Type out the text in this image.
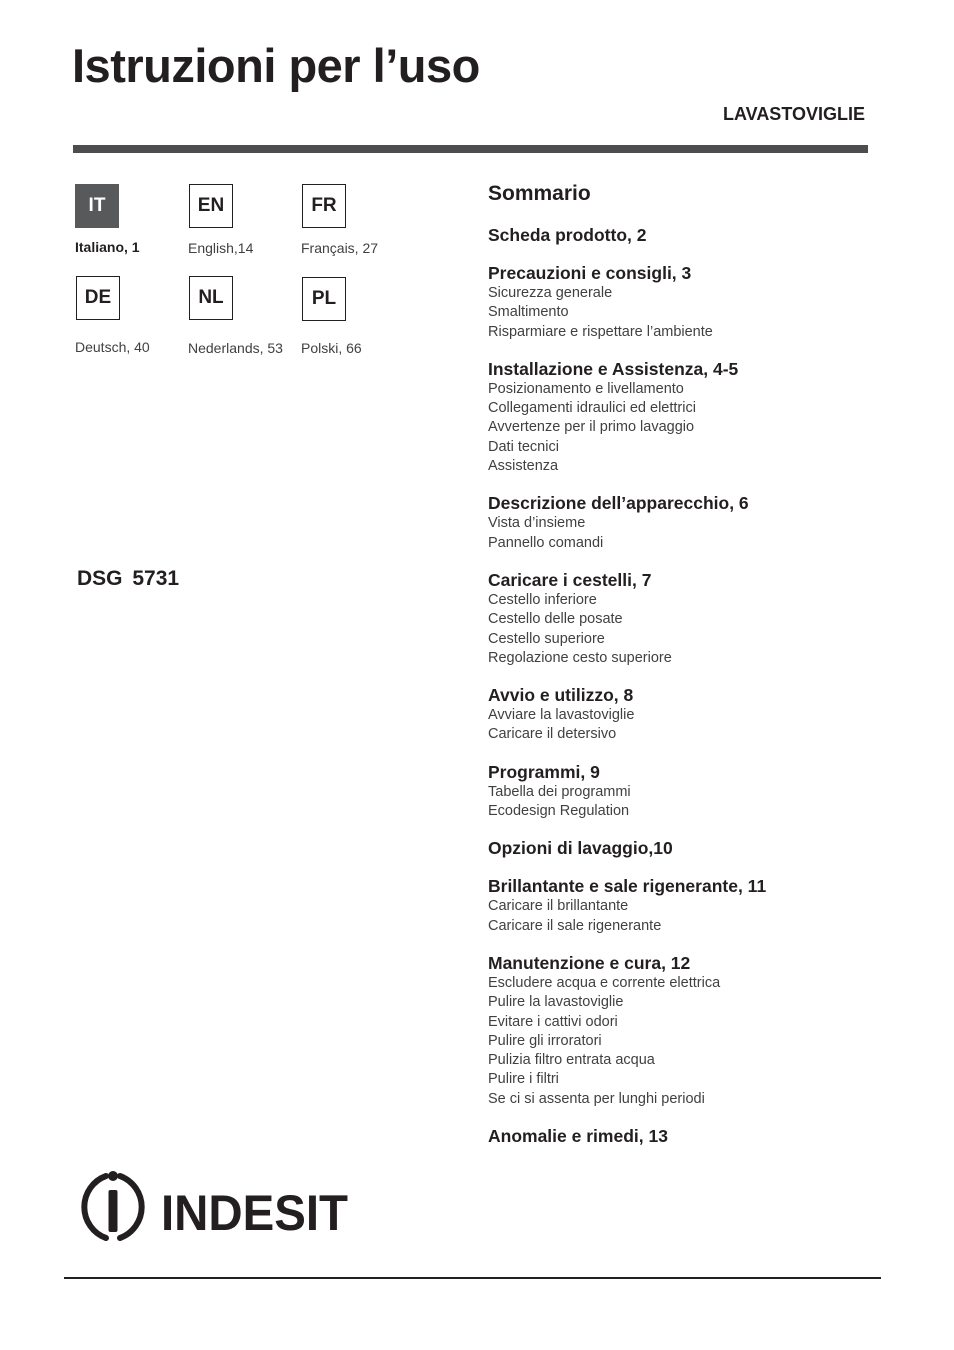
Istruzioni per l’uso
LAVASTOVIGLIE
IT
Italiano, 1
EN
English,14
FR
Français, 27
DE
Deutsch, 40
NL
Nederlands, 53
PL
Polski, 66
DSG 5731
Sommario
Scheda prodotto, 2
Precauzioni e consigli, 3
Sicurezza generale
Smaltimento
Risparmiare e rispettare l’ambiente
Installazione e Assistenza, 4-5
Posizionamento e livellamento
Collegamenti idraulici ed elettrici
Avvertenze per il primo lavaggio
Dati tecnici
Assistenza
Descrizione dell’apparecchio, 6
Vista d’insieme
Pannello comandi
Caricare i cestelli, 7
Cestello inferiore
Cestello delle posate
Cestello superiore
Regolazione cesto superiore
Avvio e utilizzo, 8
Avviare la lavastoviglie
Caricare il detersivo
Programmi, 9
Tabella dei programmi
Ecodesign Regulation
Opzioni di lavaggio,10
Brillantante e sale rigenerante, 11
Caricare il brillantante
Caricare il sale rigenerante
Manutenzione e cura, 12
Escludere acqua e corrente elettrica
Pulire la lavastoviglie
Evitare i cattivi odori
Pulire gli irroratori
Pulizia filtro entrata acqua
Pulire i filtri
Se ci si assenta per lunghi periodi
Anomalie e rimedi, 13
INDESIT
